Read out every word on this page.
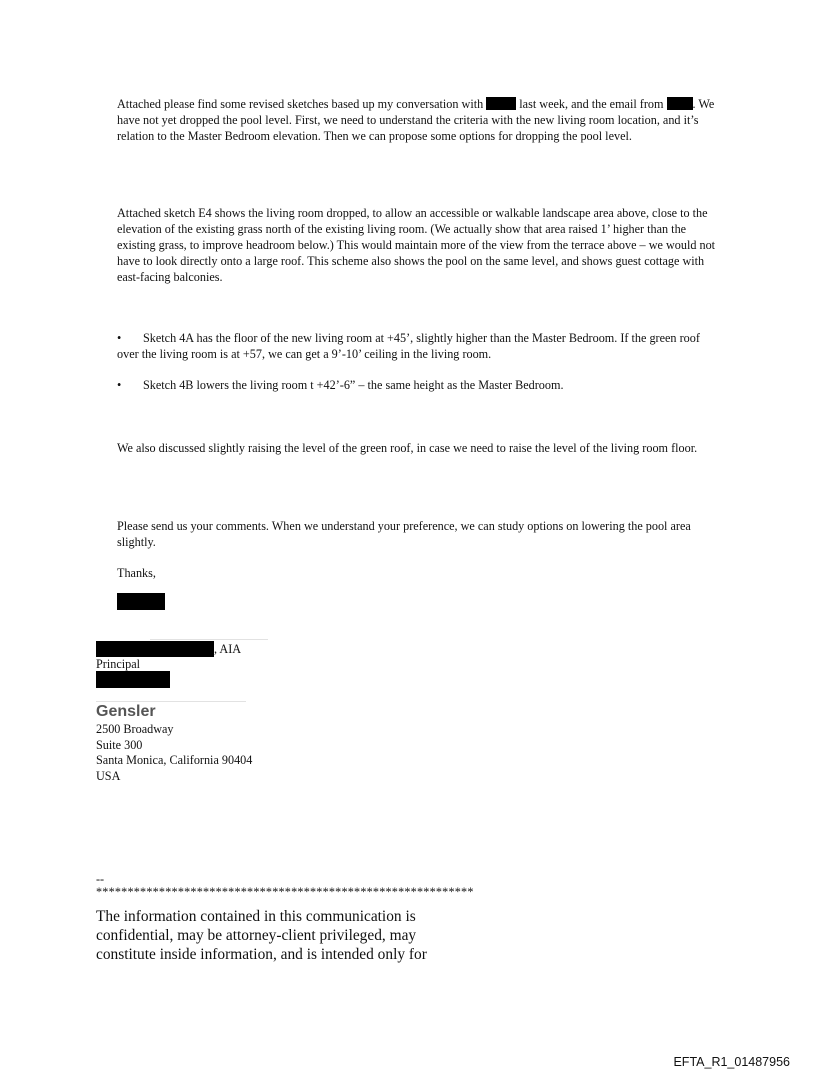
Attached please find some revised sketches based up my conversation with	last week, and the email from . We have not yet dropped the pool level. First, we need to understand the criteria with the new living room location, and it’s relation to the Master Bedroom elevation. Then we can propose some options for dropping the pool level.

Attached sketch E4 shows the living room dropped, to allow an accessible or walkable landscape area above, close to the elevation of the existing grass north of the existing living room. (We actually show that area raised 1’ higher than the existing grass, to improve headroom below.) This would maintain more of the view from the terrace above – we would not have to look directly onto a large roof. This scheme also shows the pool on the same level, and shows guest cottage with east-facing balconies.

• Sketch 4A has the floor of the new living room at +45’, slightly higher than the Master Bedroom. If the green roof over the living room is at +57, we can get a 9’-10’ ceiling in the living room.
• Sketch 4B lowers the living room t +42’-6” – the same height as the Master Bedroom.

We also discussed slightly raising the level of the green roof, in case we need to raise the level of the living room floor.

Please send us your comments. When we understand your preference, we can study options on lowering the pool area slightly.

Thanks,
, AIA
Principal
Gensler
2500 Broadway
Suite 300
Santa Monica, California 90404
USA
--
************************************************************
The information contained in this communication is confidential, may be attorney-client privileged, may constitute inside information, and is intended only for
EFTA_R1_01487956
